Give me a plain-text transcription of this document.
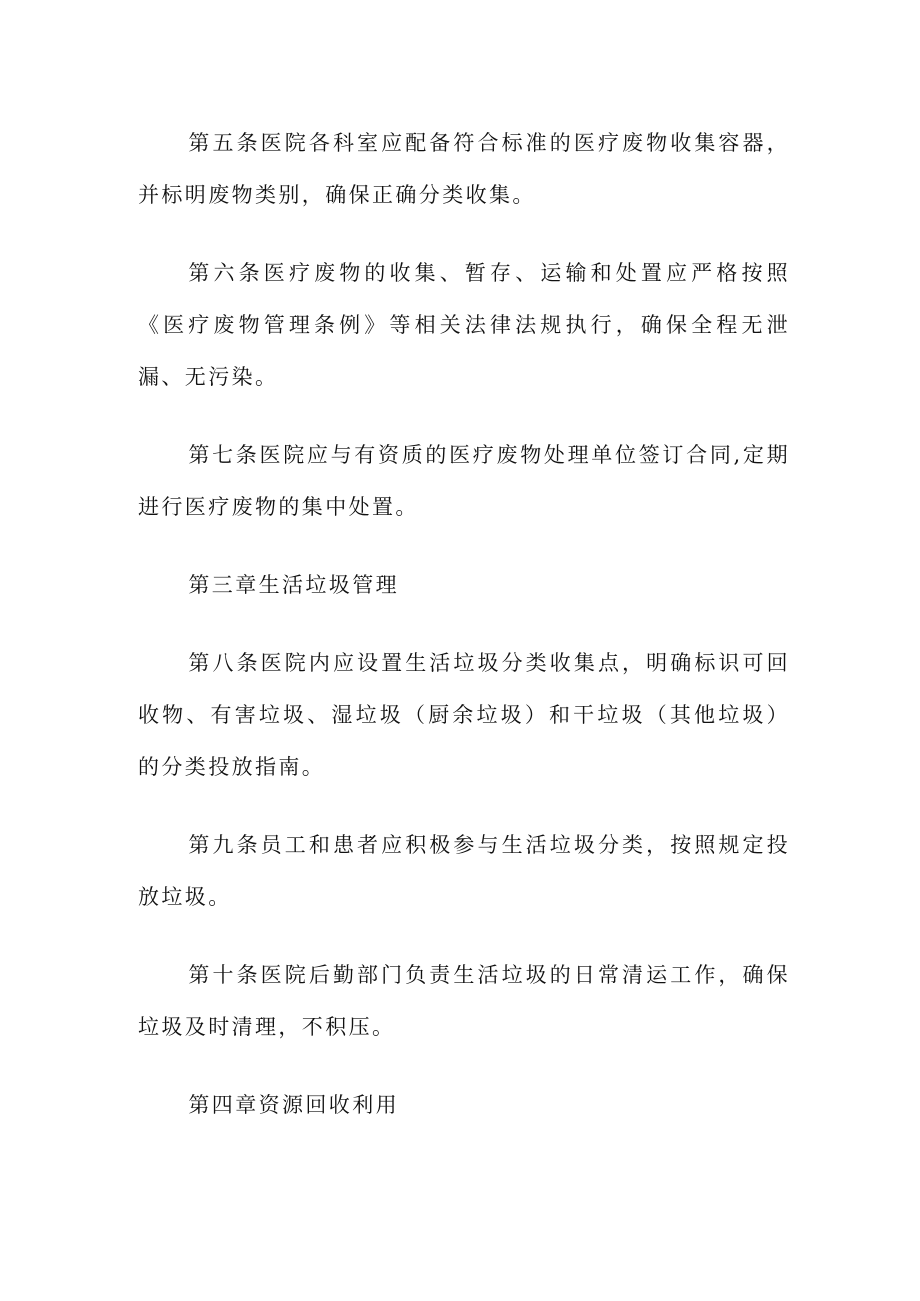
第五条医院各科室应配备符合标准的医疗废物收集容器，并标明废物类别，确保正确分类收集。

第六条医疗废物的收集、暂存、运输和处置应严格按照《医疗废物管理条例》等相关法律法规执行，确保全程无泄漏、无污染。

第七条医院应与有资质的医疗废物处理单位签订合同,定期进行医疗废物的集中处置。

第三章生活垃圾管理

第八条医院内应设置生活垃圾分类收集点，明确标识可回收物、有害垃圾、湿垃圾（厨余垃圾）和干垃圾（其他垃圾）的分类投放指南。

第九条员工和患者应积极参与生活垃圾分类，按照规定投放垃圾。

第十条医院后勤部门负责生活垃圾的日常清运工作，确保垃圾及时清理，不积压。

第四章资源回收利用
